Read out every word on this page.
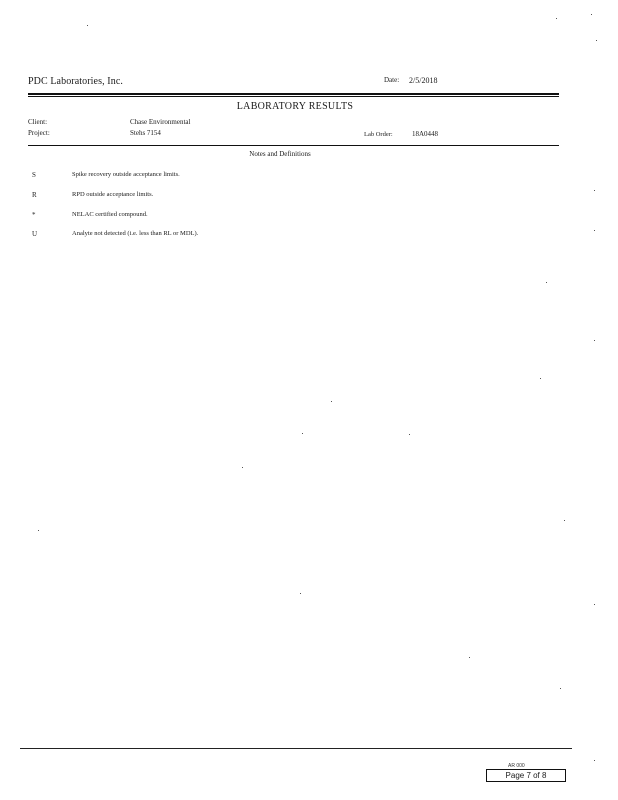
PDC Laboratories, Inc.	Date: 2/5/2018
LABORATORY RESULTS
Client:	Chase Environmental
Project:	Stehs 7154	Lab Order:	18A0448
Notes and Definitions
S	Spike recovery outside acceptance limits.
R	RPD outside acceptance limits.
*	NELAC certified compound.
U	Analyte not detected (i.e. less than RL or MDL).
AR 000
Page 7 of 8
